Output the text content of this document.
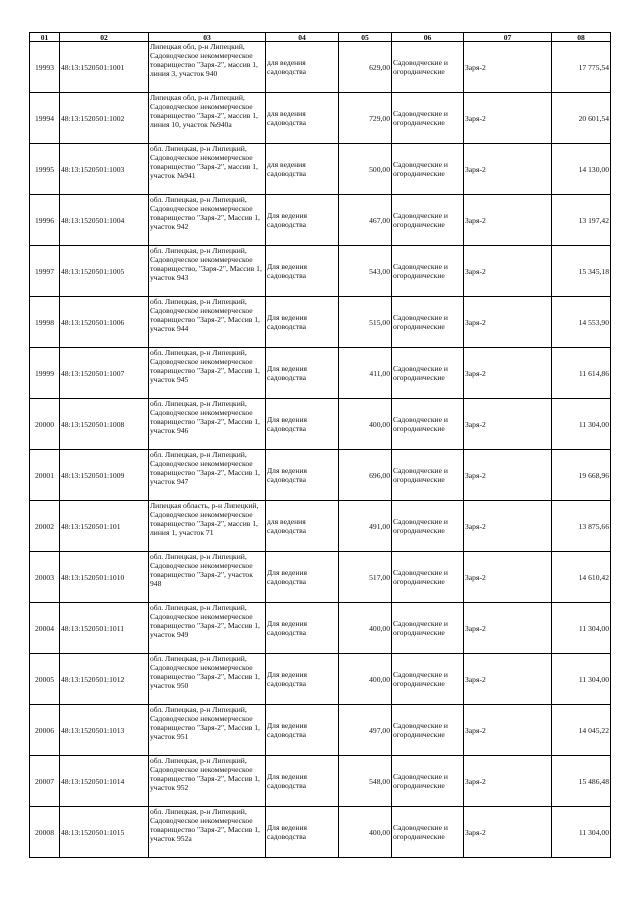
01	02	03	04	05	06	07	08
19993	48:13:1520501:1001	Липецкая обл, р-н Липецкий, Садоводческое некоммерческое товарищество "Заря-2", массив 1, линия 3, участок 940	для ведения садоводства	629,00	Садоводческие и огороднические	Заря-2	17 775,54
19994	48:13:1520501:1002	Липецкая обл, р-н Липецкий, Садоводческое некоммерческое товарищество "Заря-2", массив 1, линия 10, участок №940а	для ведения садоводства	729,00	Садоводческие и огороднические	Заря-2	20 601,54
19995	48:13:1520501:1003	обл. Липецкая, р-н Липецкий, Садоводческое некоммерческое товарищество "Заря-2", массив 1, участок №941	для ведения садоводства	500,00	Садоводческие и огороднические	Заря-2	14 130,00
19996	48:13:1520501:1004	обл. Липецкая, р-н Липецкий, Садоводческое некоммерческое товарищество "Заря-2", Массив 1, участок 942	Для ведения садоводства	467,00	Садоводческие и огороднические	Заря-2	13 197,42
19997	48:13:1520501:1005	обл. Липецкая, р-н Липецкий, Садоводческое некоммерческое товарищество, "Заря-2", Массив 1, участок 943	Для ведения садоводства	543,00	Садоводческие и огороднические	Заря-2	15 345,18
19998	48:13:1520501:1006	обл. Липецкая, р-н Липецкий, Садоводческое некоммерческое товарищество "Заря-2", Массив 1, участок 944	Для ведения садоводства	515,00	Садоводческие и огороднические	Заря-2	14 553,90
19999	48:13:1520501:1007	обл. Липецкая, р-н Липецкий, Садоводческое некоммерческое товарищество "Заря-2", Массив 1, участок 945	Для ведения садоводства	411,00	Садоводческие и огороднические	Заря-2	11 614,86
20000	48:13:1520501:1008	обл. Липецкая, р-н Липецкий, Садоводческое некоммерческое товарищество "Заря-2", Массив 1, участок 946	Для ведения садоводства	400,00	Садоводческие и огороднические	Заря-2	11 304,00
20001	48:13:1520501:1009	обл. Липецкая, р-н Липецкий, Садоводческое некоммерческое товарищество "Заря-2", Массив 1, участок 947	Для ведения садоводства	696,00	Садоводческие и огороднические	Заря-2	19 668,96
20002	48:13:1520501:101	Липецкая область, р-н Липецкий, Садоводческое некоммерческое товарищество "Заря-2", массив 1, линия 1, участок 71	для ведения садоводства	491,00	Садоводческие и огороднические	Заря-2	13 875,66
20003	48:13:1520501:1010	обл. Липецкая, р-н Липецкий, Садоводческое некоммерческое товарищество "Заря-2", участок 948	Для ведения садоводства	517,00	Садоводческие и огороднические	Заря-2	14 610,42
20004	48:13:1520501:1011	обл. Липецкая, р-н Липецкий, Садоводческое некоммерческое товарищество "Заря-2", Массив 1, участок 949	Для ведения садоводства	400,00	Садоводческие и огороднические	Заря-2	11 304,00
20005	48:13:1520501:1012	обл. Липецкая, р-н Липецкий, Садоводческое некоммерческое товарищество "Заря-2", Массив 1, участок 950	Для ведения садоводства	400,00	Садоводческие и огороднические	Заря-2	11 304,00
20006	48:13:1520501:1013	обл. Липецкая, р-н Липецкий, Садоводческое некоммерческое товарищество "Заря-2", Массив 1, участок 951	Для ведения садоводства	497,00	Садоводческие и огороднические	Заря-2	14 045,22
20007	48:13:1520501:1014	обл. Липецкая, р-н Липецкий, Садоводческое некоммерческое товарищество "Заря-2", Массив 1, участок 952	Для ведения садоводства	548,00	Садоводческие и огороднические	Заря-2	15 486,48
20008	48:13:1520501:1015	обл. Липецкая, р-н Липецкий, Садоводческое некоммерческое товарищество "Заря-2", Массив 1, участок 952а	Для ведения садоводства	400,00	Садоводческие и огороднические	Заря-2	11 304,00
